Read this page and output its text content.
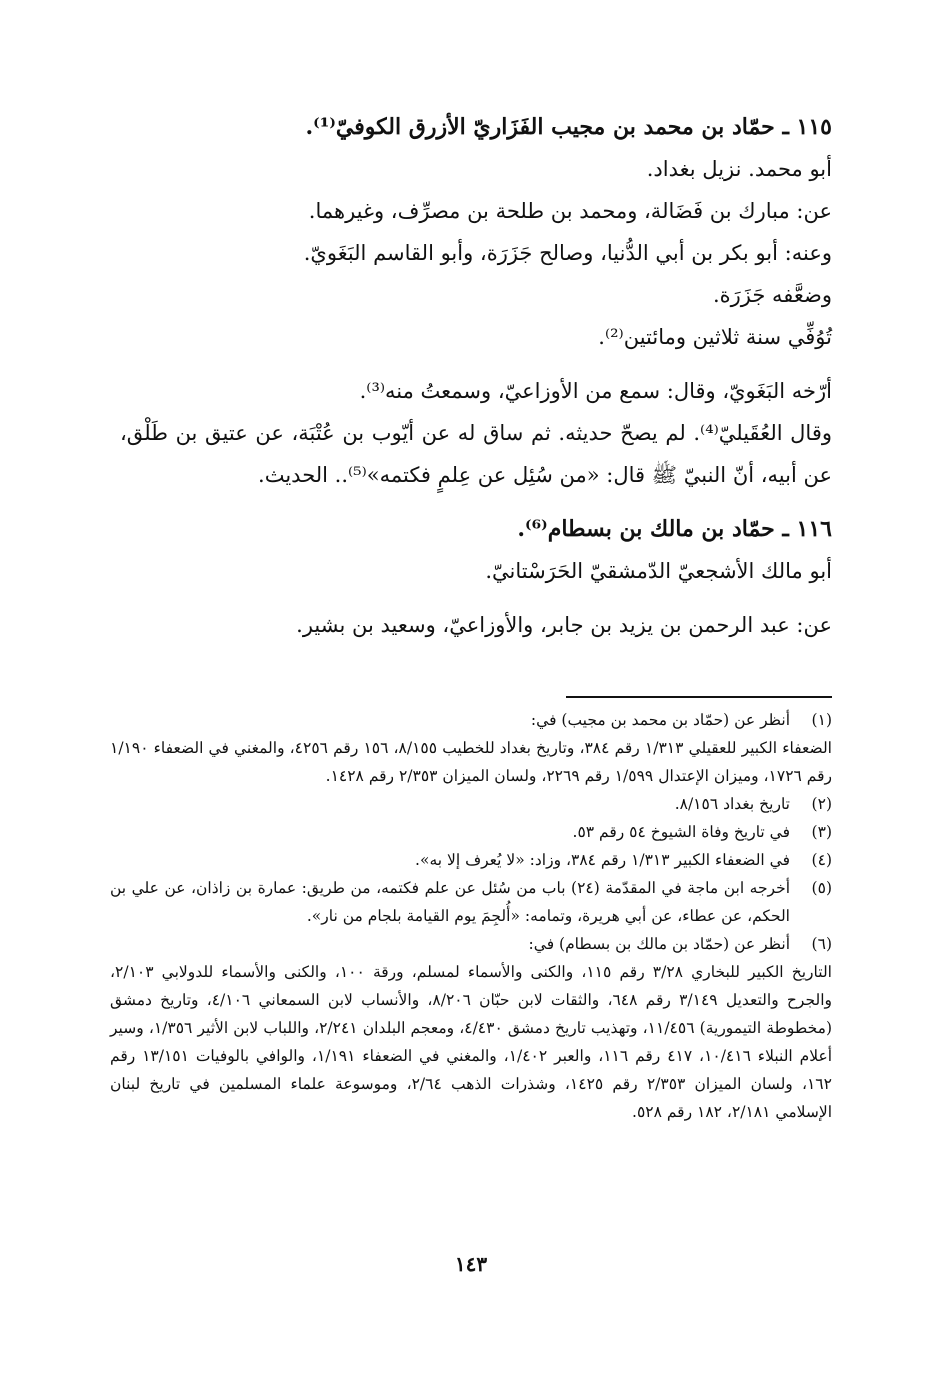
١١٥ ـ حمّاد بن محمد بن مجيب الفَزَاريّ الأزرق الكوفيّ⁽¹⁾.
أبو محمد. نزيل بغداد.
عن: مبارك بن فَضَالة، ومحمد بن طلحة بن مصرِّف، وغيرهما.
وعنه: أبو بكر بن أبي الدُّنيا، وصالح جَزَرَة، وأبو القاسم البَغَويّ.
وضعَّفه جَزَرَة.
تُوُفِّي سنة ثلاثين ومائتين⁽²⁾.
أرّخه البَغَويّ، وقال: سمع من الأوزاعيّ، وسمعتُ منه⁽³⁾.
وقال العُقَيليّ⁽⁴⁾. لم يصحّ حديثه. ثم ساق له عن أيّوب بن عُتْبَة، عن عتيق بن طَلْق، عن أبيه، أنّ النبيّ ﷺ قال: «من سُئِل عن عِلمٍ فكتمه»⁽⁵⁾.. الحديث.
١١٦ ـ حمّاد بن مالك بن بسطام⁽⁶⁾.
أبو مالك الأشجعيّ الدّمشقيّ الحَرَسْتانيّ.
عن: عبد الرحمن بن يزيد بن جابر، والأوزاعيّ، وسعيد بن بشير.
(١)
أنظر عن (حمّاد بن محمد بن مجيب) في:
الضعفاء الكبير للعقيلي ١/٣١٣ رقم ٣٨٤، وتاريخ بغداد للخطيب ٨/١٥٥، ١٥٦ رقم ٤٢٥٦، والمغني في الضعفاء ١/١٩٠ رقم ١٧٢٦، وميزان الإعتدال ١/٥٩٩ رقم ٢٢٦٩، ولسان الميزان ٢/٣٥٣ رقم ١٤٢٨.
(٢)
تاريخ بغداد ٨/١٥٦.
(٣)
في تاريخ وفاة الشيوخ ٥٤ رقم ٥٣.
(٤)
في الضعفاء الكبير ١/٣١٣ رقم ٣٨٤، وزاد: «لا يُعرف إلا به».
(٥)
أخرجه ابن ماجة في المقدّمة (٢٤) باب من سُئل عن علم فكتمه، من طريق: عمارة بن زاذان، عن علي بن الحكم، عن عطاء، عن أبي هريرة، وتمامه: «أُلجِمَ يوم القيامة بلجام من نار».
(٦)
أنظر عن (حمّاد بن مالك بن بسطام) في:
التاريخ الكبير للبخاري ٣/٢٨ رقم ١١٥، والكنى والأسماء لمسلم، ورقة ١٠٠، والكنى والأسماء للدولابي ٢/١٠٣، والجرح والتعديل ٣/١٤٩ رقم ٦٤٨، والثقات لابن حبّان ٨/٢٠٦، والأنساب لابن السمعاني ٤/١٠٦، وتاريخ دمشق (مخطوطة التيمورية) ١١/٤٥٦، وتهذيب تاريخ دمشق ٤/٤٣٠، ومعجم البلدان ٢/٢٤١، واللباب لابن الأثير ١/٣٥٦، وسير أعلام النبلاء ١٠/٤١٦، ٤١٧ رقم ١١٦، والعبر ١/٤٠٢، والمغني في الضعفاء ١/١٩١، والوافي بالوفيات ١٣/١٥١ رقم ١٦٢، ولسان الميزان ٢/٣٥٣ رقم ١٤٢٥، وشذرات الذهب ٢/٦٤، وموسوعة علماء المسلمين في تاريخ لبنان الإسلامي ٢/١٨١، ١٨٢ رقم ٥٢٨.
١٤٣
